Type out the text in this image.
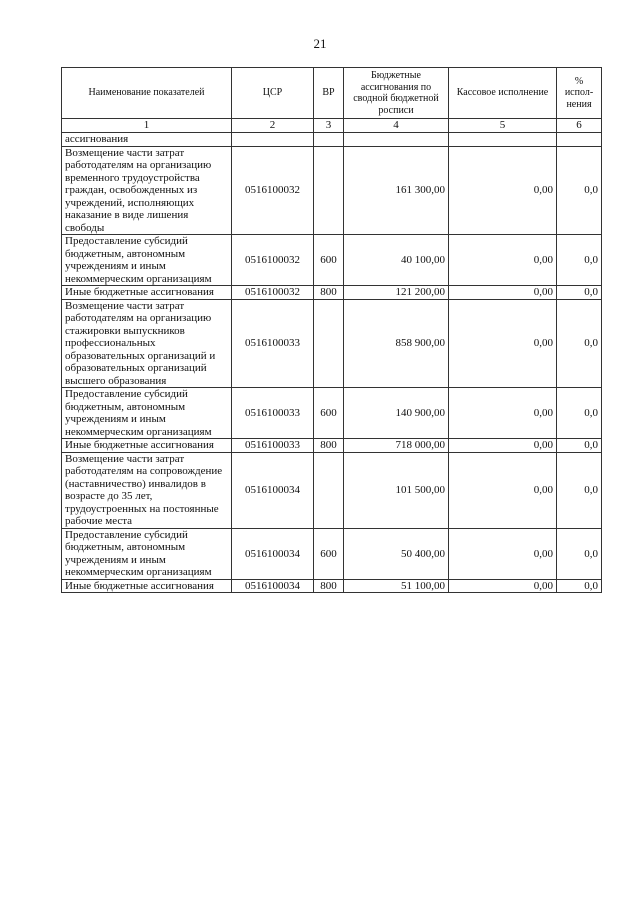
21
Наименование показателей	ЦСР	ВР	Бюджетные ассигнования по сводной бюджетной росписи	Кассовое исполнение	% испол- нения
1	2	3	4	5	6
ассигнования					
Возмещение части затрат работодателям на организацию временного трудоустройства граждан, освобожденных из учреждений, исполняющих наказание в виде лишения свободы	0516100032		161 300,00	0,00	0,0
Предоставление субсидий бюджетным, автономным учреждениям и иным некоммерческим организациям	0516100032	600	40 100,00	0,00	0,0
Иные бюджетные ассигнования	0516100032	800	121 200,00	0,00	0,0
Возмещение части затрат работодателям на организацию стажировки выпускников профессиональных образовательных организаций и образовательных организаций высшего образования	0516100033		858 900,00	0,00	0,0
Предоставление субсидий бюджетным, автономным учреждениям и иным некоммерческим организациям	0516100033	600	140 900,00	0,00	0,0
Иные бюджетные ассигнования	0516100033	800	718 000,00	0,00	0,0
Возмещение части затрат работодателям на сопровождение (наставничество) инвалидов в возрасте до 35 лет, трудоустроенных на постоянные рабочие места	0516100034		101 500,00	0,00	0,0
Предоставление субсидий бюджетным, автономным учреждениям и иным некоммерческим организациям	0516100034	600	50 400,00	0,00	0,0
Иные бюджетные ассигнования	0516100034	800	51 100,00	0,00	0,0
